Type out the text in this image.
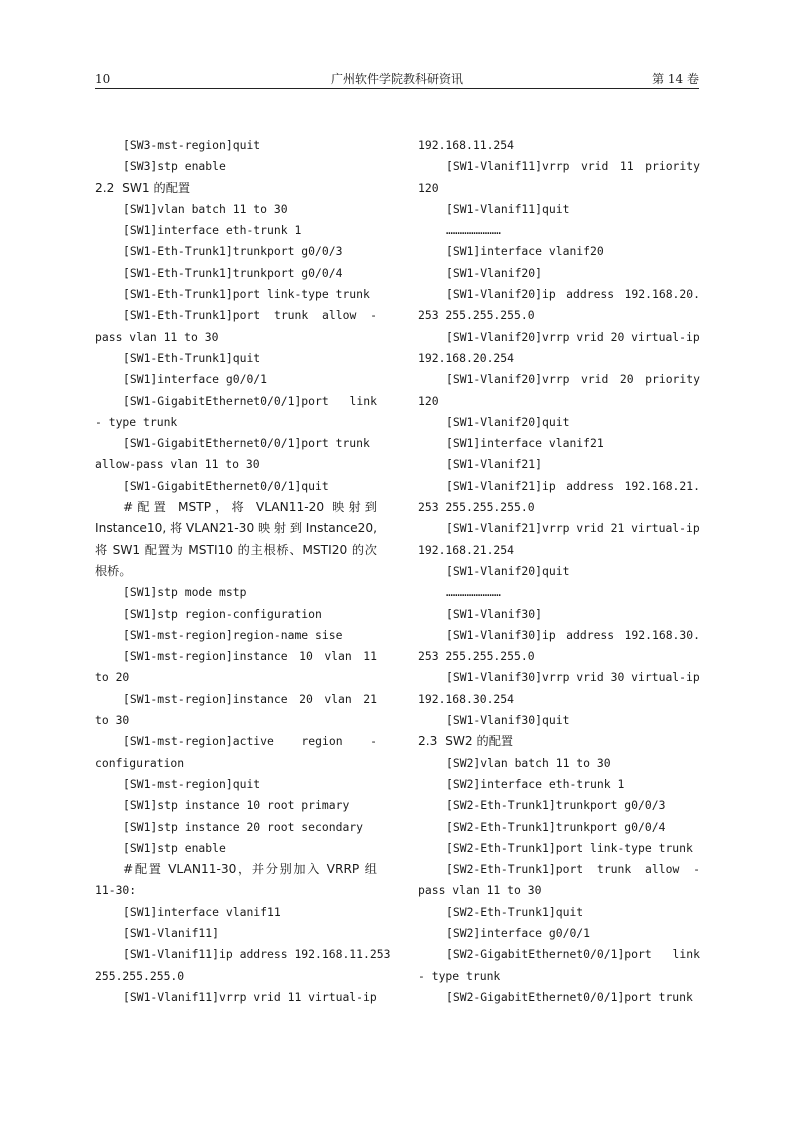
10	广州软件学院教科研资讯	第 14 卷
[SW3-mst-region]quit
[SW3]stp enable
2.2  SW1 的配置
[SW1]vlan batch 11 to 30
[SW1]interface eth-trunk 1
[SW1-Eth-Trunk1]trunkport g0/0/3
[SW1-Eth-Trunk1]trunkport g0/0/4
[SW1-Eth-Trunk1]port link-type trunk
[SW1-Eth-Trunk1]port trunk allow -
pass vlan 11 to 30
[SW1-Eth-Trunk1]quit
[SW1]interface g0/0/1
[SW1-GigabitEthernet0/0/1]port link
- type trunk
[SW1-GigabitEthernet0/0/1]port trunk
allow-pass vlan 11 to 30
[SW1-GigabitEthernet0/0/1]quit
#配置 MSTP，将 VLAN11-20 映射到
Instance10,将VLAN21-30映射到Instance20,
将 SW1 配置为 MSTI10 的主根桥、MSTI20 的次
根桥。
[SW1]stp mode mstp
[SW1]stp region-configuration
[SW1-mst-region]region-name sise
[SW1-mst-region]instance 10 vlan 11
to 20
[SW1-mst-region]instance 20 vlan 21
to 30
[SW1-mst-region]active region -
configuration
[SW1-mst-region]quit
[SW1]stp instance 10 root primary
[SW1]stp instance 20 root secondary
[SW1]stp enable
#配置 VLAN11-30，并分别加入 VRRP 组
11-30:
[SW1]interface vlanif11
[SW1-Vlanif11]
[SW1-Vlanif11]ip address 192.168.11.253
255.255.255.0
[SW1-Vlanif11]vrrp vrid 11 virtual-ip
192.168.11.254
[SW1-Vlanif11]vrrp vrid 11 priority
120
[SW1-Vlanif11]quit
……………………
[SW1]interface vlanif20
[SW1-Vlanif20]
[SW1-Vlanif20]ip address 192.168.20.
253 255.255.255.0
[SW1-Vlanif20]vrrp vrid 20 virtual-ip
192.168.20.254
[SW1-Vlanif20]vrrp vrid 20 priority
120
[SW1-Vlanif20]quit
[SW1]interface vlanif21
[SW1-Vlanif21]
[SW1-Vlanif21]ip address 192.168.21.
253 255.255.255.0
[SW1-Vlanif21]vrrp vrid 21 virtual-ip
192.168.21.254
[SW1-Vlanif20]quit
……………………
[SW1-Vlanif30]
[SW1-Vlanif30]ip address 192.168.30.
253 255.255.255.0
[SW1-Vlanif30]vrrp vrid 30 virtual-ip
192.168.30.254
[SW1-Vlanif30]quit
2.3  SW2 的配置
[SW2]vlan batch 11 to 30
[SW2]interface eth-trunk 1
[SW2-Eth-Trunk1]trunkport g0/0/3
[SW2-Eth-Trunk1]trunkport g0/0/4
[SW2-Eth-Trunk1]port link-type trunk
[SW2-Eth-Trunk1]port trunk allow -
pass vlan 11 to 30
[SW2-Eth-Trunk1]quit
[SW2]interface g0/0/1
[SW2-GigabitEthernet0/0/1]port link
- type trunk
[SW2-GigabitEthernet0/0/1]port trunk
